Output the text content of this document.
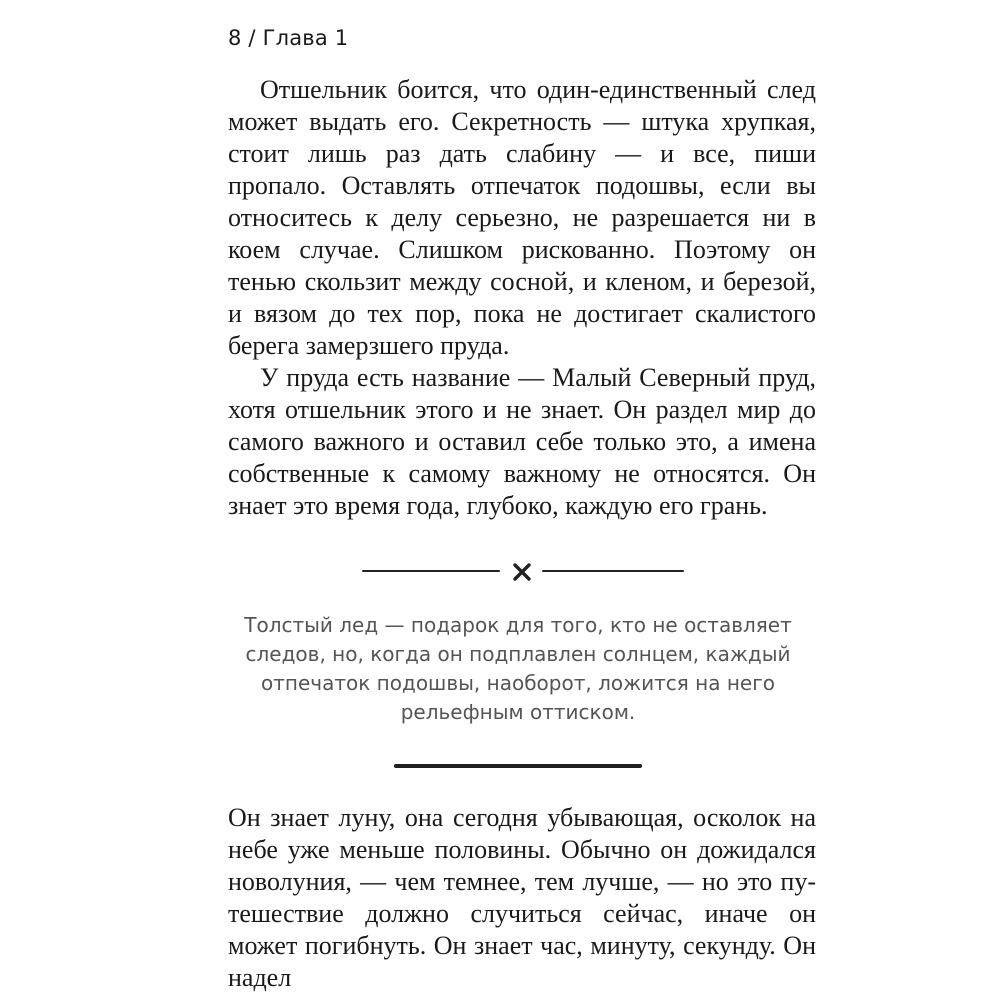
8 / Глава 1

Отшельник боится, что один-единственный след может выдать его. Секретность — штука хрупкая, стоит лишь раз дать слабину — и все, пиши пропало. Оставлять отпечаток подошвы, если вы относитесь к делу серьезно, не разрешается ни в коем случае. Слишком рискованно. Поэтому он тенью скользит между сосной, и кленом, и березой, и вязом до тех пор, пока не достигает скалистого берега замерзшего пруда.

У пруда есть название — Малый Северный пруд, хотя отшельник этого и не знает. Он раздел мир до самого важного и оставил себе только это, а имена собственные к самому важному не относятся. Он знает это время года, глубоко, каждую его грань.

Толстый лед — подарок для того, кто не оставляет
следов, но, когда он подплавлен солнцем, каждый
отпечаток подошвы, наоборот, ложится на него
рельефным оттиском.

Он знает луну, она сегодня убывающая, осколок на небе уже меньше половины. Обычно он дожидался новолуния, — чем темнее, тем лучше, — но это путешествие должно случиться сейчас, иначе он может погибнуть. Он знает час, минуту, секунду. Он надел
